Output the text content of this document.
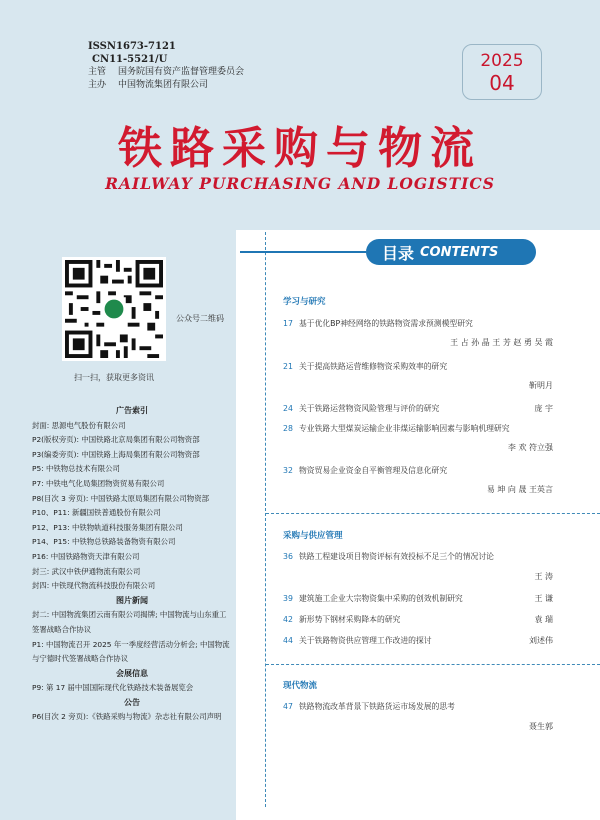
ISSN1673-7121
CN11-5521/U
主管	国务院国有资产监督管理委员会
主办	中国物流集团有限公司
2025
04
铁路采购与物流
RAILWAY PURCHASING AND LOGISTICS
公众号二维码
扫一扫，获取更多资讯
广告索引
封面: 思源电气股份有限公司
P2(版权旁页): 中国铁路北京局集团有限公司物资部
P3(编委旁页): 中国铁路上海局集团有限公司物资部
P5: 中铁物总技术有限公司
P7: 中铁电气化局集团物资贸易有限公司
P8(目次 3 旁页): 中国铁路太原局集团有限公司物资部
P10、P11: 新疆国铁普通股份有限公司
P12、P13: 中铁物轨道科技服务集团有限公司
P14、P15: 中铁物总铁路装备物资有限公司
P16: 中国铁路物资天津有限公司
封三: 武汉中铁伊通物流有限公司
封四: 中铁现代物流科技股份有限公司
图片新闻
封二: 中国物流集团云南有限公司揭牌; 中国物流与山东重工签署战略合作协议
P1: 中国物流召开 2025 年一季度经营活动分析会; 中国物流与宁德时代签署战略合作协议
会展信息
P9: 第 17 届中国国际现代化铁路技术装备展览会
公告
P6(目次 2 旁页):《铁路采购与物流》杂志社有限公司声明
目录 CONTENTS
学习与研究
17 基于优化BP神经网络的铁路物资需求预测模型研究
王 占 孙 晶 王 芳 赵 勇 吴 霞
21 关于提高铁路运营维修物资采购效率的研究
靳明月
24 关于铁路运营物资风险管理与评价的研究	庞 宇
28 专业铁路大型煤炭运输企业非煤运输影响因素与影响机理研究
李 欢 符立强
32 物资贸易企业资金自平衡管理及信息化研究
易 坤 向 晟 王英言
采购与供应管理
36 铁路工程建设项目物资评标有效投标不足三个的情况讨论
王 涛
39 建筑施工企业大宗物资集中采购的创效机制研究	王 谦
42 新形势下钢材采购降本的研究	袁 瑞
44 关于铁路物资供应管理工作改进的探讨	刘述伟
现代物流
47 铁路物流改革背景下铁路货运市场发展的思考
聂生郭
